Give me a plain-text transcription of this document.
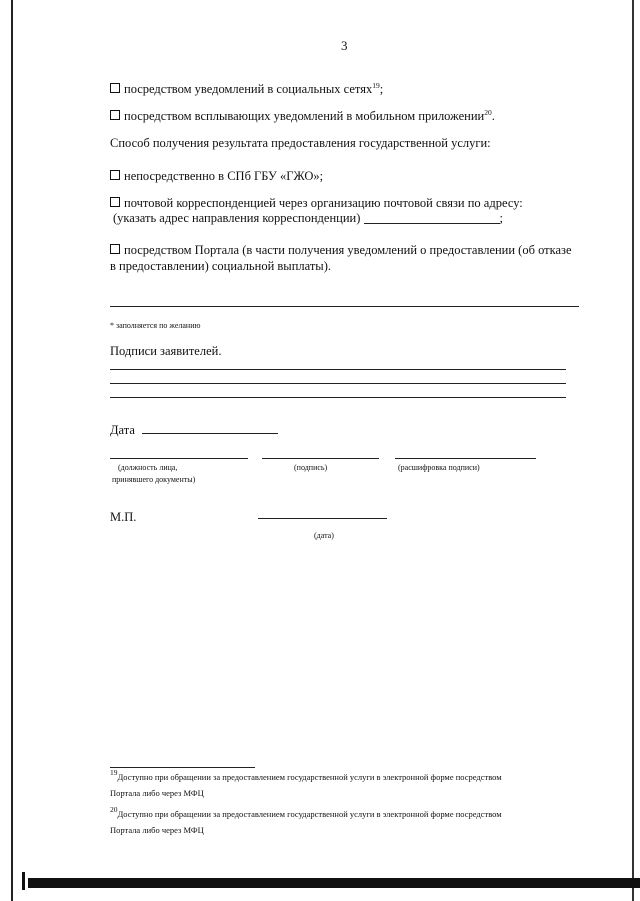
3
посредством уведомлений в социальных сетях$^{19}$;
посредством всплывающих уведомлений в мобильном приложении$^{20}$.
Способ получения результата предоставления государственной услуги:
непосредственно в СПб ГБУ «ГЖО»;
почтовой корреспонденцией через организацию почтовой связи по адресу:
(указать адрес направления корреспонденции)	;
посредством Портала (в части получения уведомлений о предоставлении (об отказе
в предоставлении) социальной выплаты).
* заполняется по желанию
Подписи заявителей.
Дата
(должность лица,
принявшего документы)
(подпись)	(расшифровка подписи)
М.П.
(дата)
$^{19}$Доступно при обращении за предоставлением государственной услуги в электронной форме посредством
Портала либо через МФЦ
$^{20}$Доступно при обращении за предоставлением государственной услуги в электронной форме посредством
Портала либо через МФЦ
